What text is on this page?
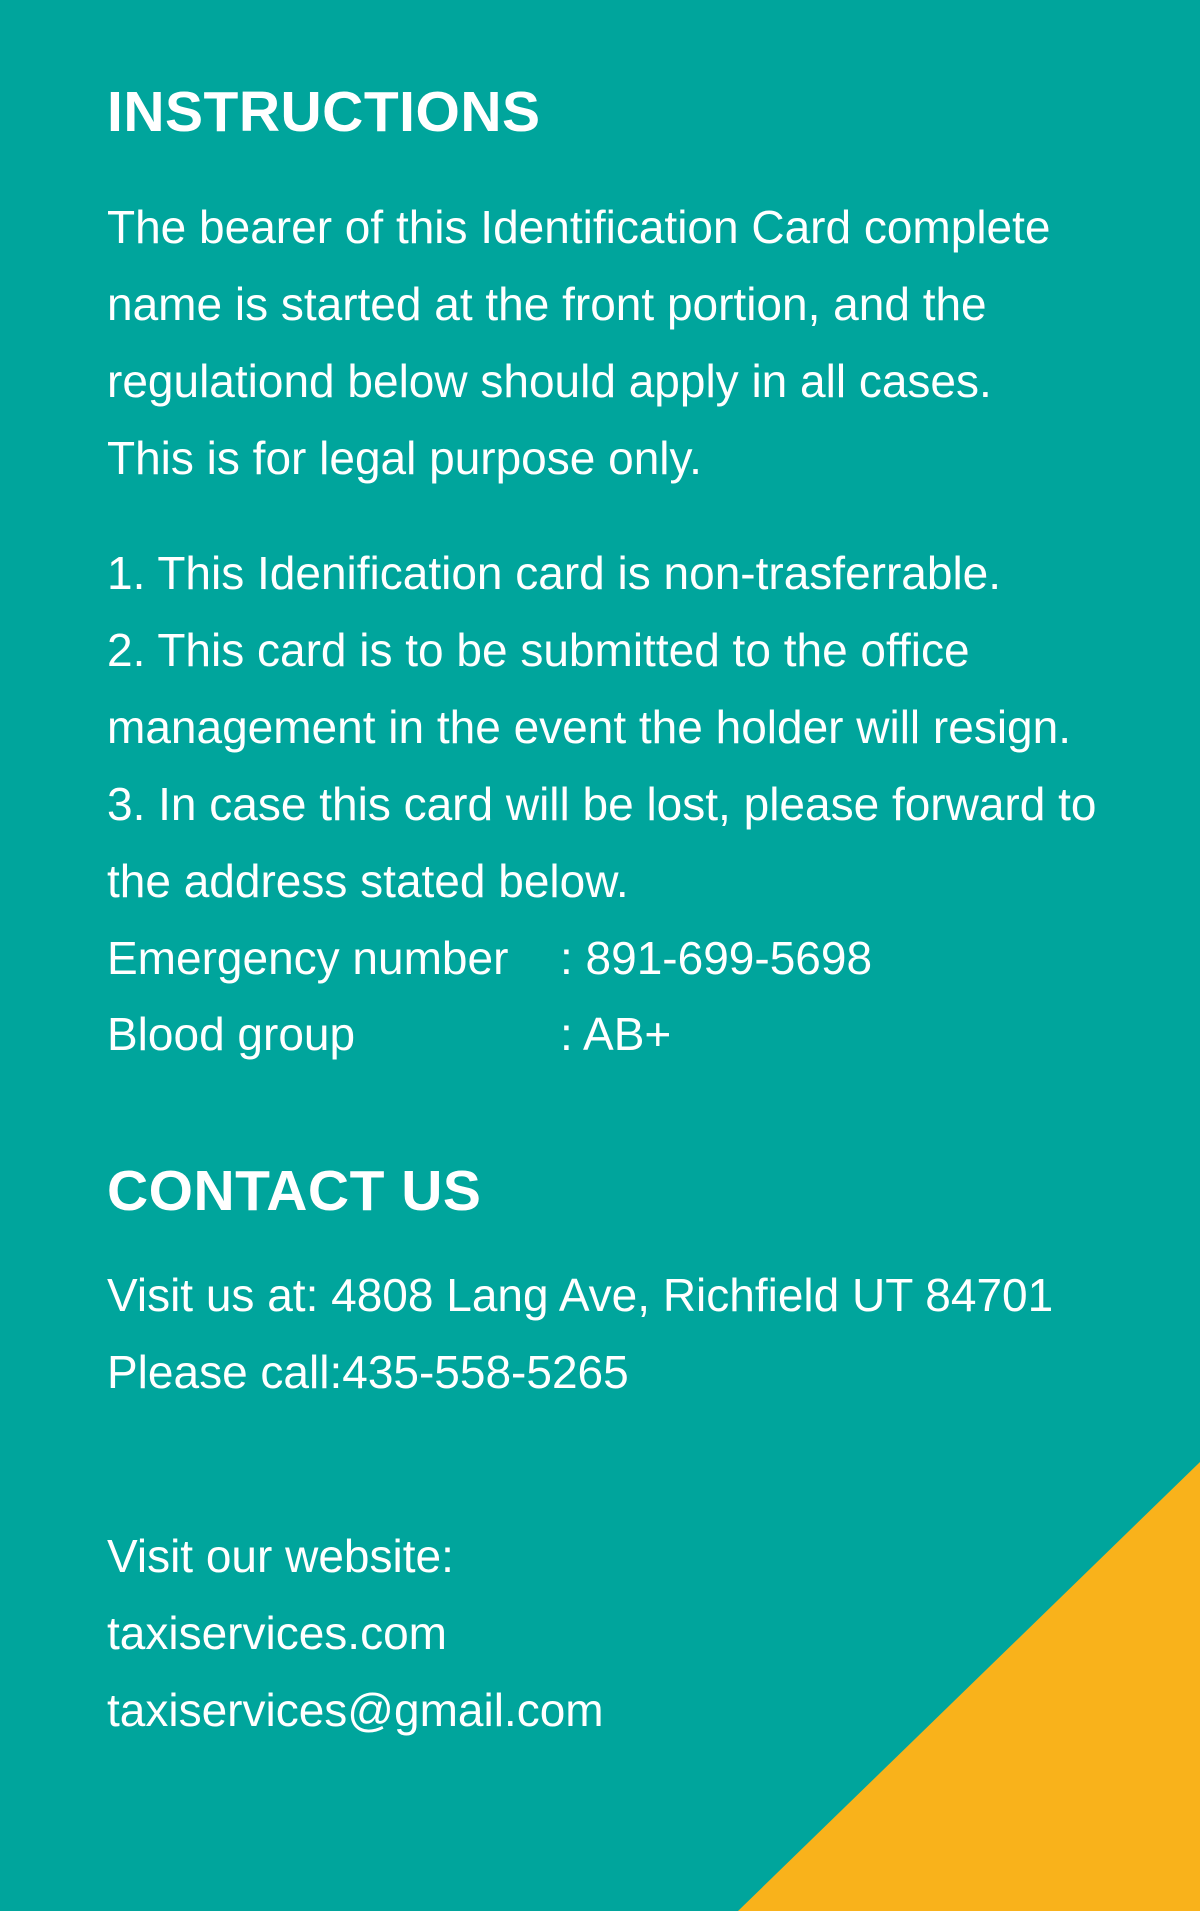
INSTRUCTIONS
The bearer of this Identification Card complete
name is started at the front portion, and the
regulationd below should apply in all cases.
This is for legal purpose only.
1. This Idenification card is non-trasferrable.
2. This card is to be submitted to the office
management in the event the holder will resign.
3. In case this card will be lost, please forward to
the address stated below.
Emergency number	: 891-699-5698
Blood group	: AB+
CONTACT US
Visit us at: 4808 Lang Ave, Richfield UT 84701
Please call:435-558-5265
Visit our website:
taxiservices.com
taxiservices@gmail.com
